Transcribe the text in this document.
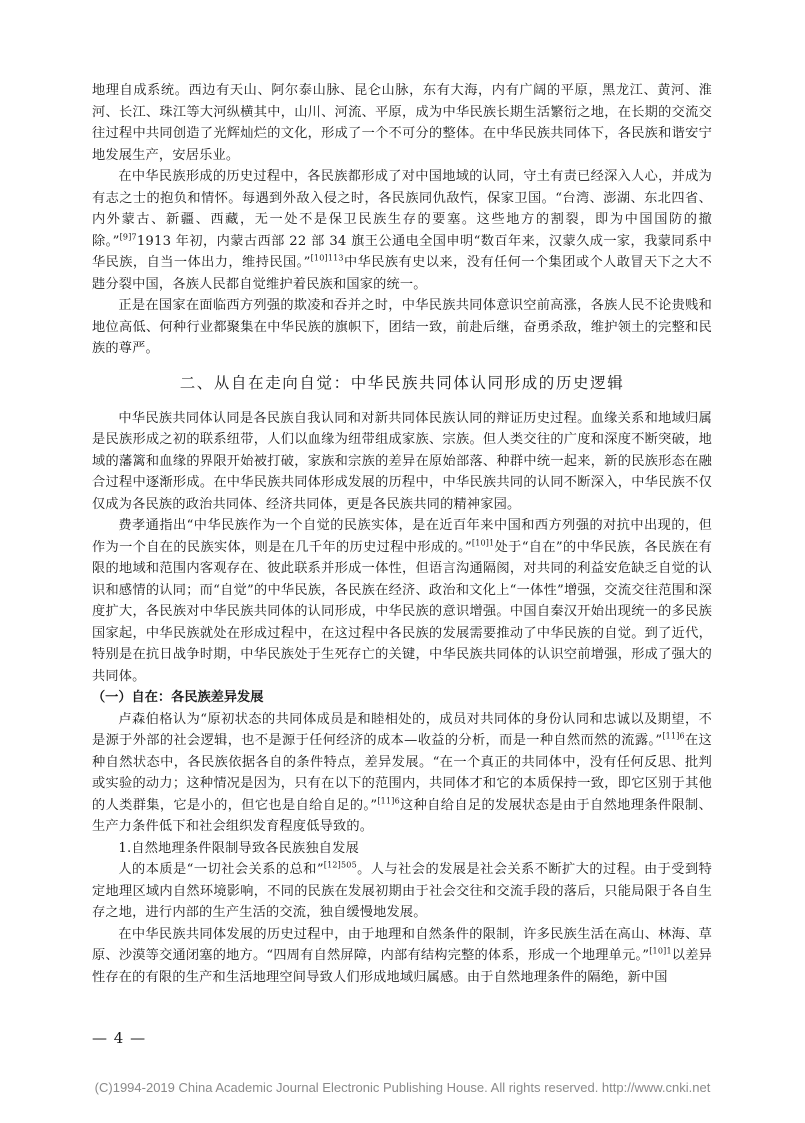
地理自成系统。西边有天山、阿尔泰山脉、昆仑山脉，东有大海，内有广阔的平原，黑龙江、黄河、淮河、长江、珠江等大河纵横其中，山川、河流、平原，成为中华民族长期生活繁衍之地，在长期的交流交往过程中共同创造了光辉灿烂的文化，形成了一个不可分的整体。在中华民族共同体下，各民族和谐安宁地发展生产，安居乐业。

在中华民族形成的历史过程中，各民族都形成了对中国地域的认同，守土有责已经深入人心，并成为有志之士的抱负和情怀。每遇到外敌入侵之时，各民族同仇敌忾，保家卫国。“台湾、澎湖、东北四省、内外蒙古、新疆、西藏，无一处不是保卫民族生存的要塞。这些地方的割裂，即为中国国防的撤除。”$^{[9]7}$1913 年初，内蒙古西部 22 部 34 旗王公通电全国申明“数百年来，汉蒙久成一家，我蒙同系中华民族，自当一体出力，维持民国。”$^{[10]113}$中华民族有史以来，没有任何一个集团或个人敢冒天下之大不韪分裂中国，各族人民都自觉维护着民族和国家的统一。

正是在国家在面临西方列强的欺凌和吞并之时，中华民族共同体意识空前高涨，各族人民不论贵贱和地位高低、何种行业都聚集在中华民族的旗帜下，团结一致，前赴后继，奋勇杀敌，维护领土的完整和民族的尊严。

二、从自在走向自觉：中华民族共同体认同形成的历史逻辑

中华民族共同体认同是各民族自我认同和对新共同体民族认同的辩证历史过程。血缘关系和地域归属是民族形成之初的联系纽带，人们以血缘为纽带组成家族、宗族。但人类交往的广度和深度不断突破，地域的藩篱和血缘的界限开始被打破，家族和宗族的差异在原始部落、种群中统一起来，新的民族形态在融合过程中逐渐形成。在中华民族共同体形成发展的历程中，中华民族共同的认同不断深入，中华民族不仅仅成为各民族的政治共同体、经济共同体，更是各民族共同的精神家园。

费孝通指出“中华民族作为一个自觉的民族实体，是在近百年来中国和西方列强的对抗中出现的，但作为一个自在的民族实体，则是在几千年的历史过程中形成的。”$^{[10]1}$处于“自在”的中华民族，各民族在有限的地域和范围内客观存在、彼此联系并形成一体性，但语言沟通隔阂，对共同的利益安危缺乏自觉的认识和感情的认同；而“自觉”的中华民族，各民族在经济、政治和文化上“一体性”增强，交流交往范围和深度扩大，各民族对中华民族共同体的认同形成，中华民族的意识增强。中国自秦汉开始出现统一的多民族国家起，中华民族就处在形成过程中，在这过程中各民族的发展需要推动了中华民族的自觉。到了近代，特别是在抗日战争时期，中华民族处于生死存亡的关键，中华民族共同体的认识空前增强，形成了强大的共同体。

（一）自在：各民族差异发展

卢森伯格认为“原初状态的共同体成员是和睦相处的，成员对共同体的身份认同和忠诚以及期望，不是源于外部的社会逻辑，也不是源于任何经济的成本—收益的分析，而是一种自然而然的流露。”$^{[11]6}$在这种自然状态中，各民族依据各自的条件特点，差异发展。“在一个真正的共同体中，没有任何反思、批判或实验的动力；这种情况是因为，只有在以下的范围内，共同体才和它的本质保持一致，即它区别于其他的人类群集，它是小的，但它也是自给自足的。”$^{[11]6}$这种自给自足的发展状态是由于自然地理条件限制、生产力条件低下和社会组织发育程度低导致的。

1.自然地理条件限制导致各民族独自发展

人的本质是“一切社会关系的总和”$^{[12]505}$。人与社会的发展是社会关系不断扩大的过程。由于受到特定地理区域内自然环境影响，不同的民族在发展初期由于社会交往和交流手段的落后，只能局限于各自生存之地，进行内部的生产生活的交流，独自缓慢地发展。

在中华民族共同体发展的历史过程中，由于地理和自然条件的限制，许多民族生活在高山、林海、草原、沙漠等交通闭塞的地方。“四周有自然屏障，内部有结构完整的体系，形成一个地理单元。”$^{[10]1}$以差异性存在的有限的生产和生活地理空间导致人们形成地域归属感。由于自然地理条件的隔绝，新中国

— 4 —
(C)1994-2019 China Academic Journal Electronic Publishing House. All rights reserved. http://www.cnki.net
